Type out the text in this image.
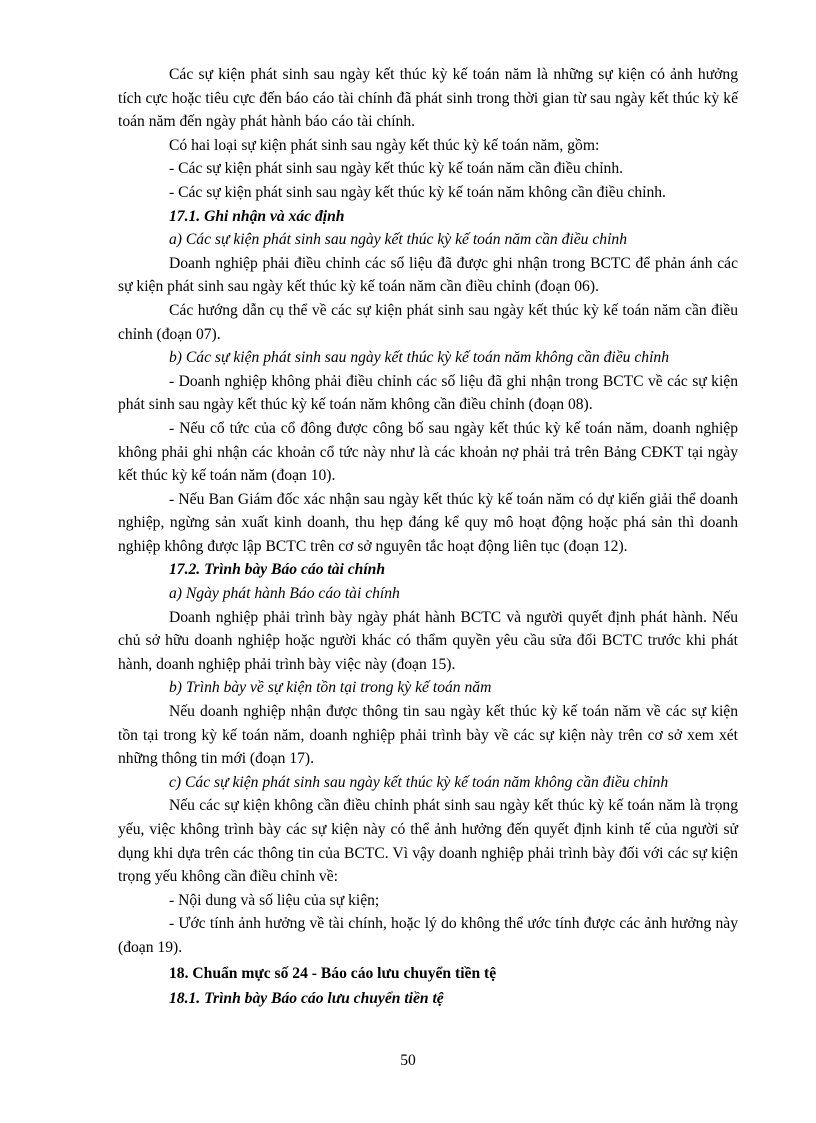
Các sự kiện phát sinh sau ngày kết thúc kỳ kế toán năm là những sự kiện có ảnh hưởng tích cực hoặc tiêu cực đến báo cáo tài chính đã phát sinh trong thời gian từ sau ngày kết thúc kỳ kế toán năm đến ngày phát hành báo cáo tài chính.

Có hai loại sự kiện phát sinh sau ngày kết thúc kỳ kế toán năm, gồm:

- Các sự kiện phát sinh sau ngày kết thúc kỳ kế toán năm cần điều chỉnh.

- Các sự kiện phát sinh sau ngày kết thúc kỳ kế toán năm không cần điều chỉnh.

17.1. Ghi nhận và xác định

a) Các sự kiện phát sinh sau ngày kết thúc kỳ kế toán năm cần điều chỉnh

Doanh nghiệp phải điều chỉnh các số liệu đã được ghi nhận trong BCTC để phản ánh các sự kiện phát sinh sau ngày kết thúc kỳ kế toán năm cần điều chỉnh (đoạn 06).

Các hướng dẫn cụ thể về các sự kiện phát sinh sau ngày kết thúc kỳ kế toán năm cần điều chỉnh (đoạn 07).

b) Các sự kiện phát sinh sau ngày kết thúc kỳ kế toán năm không cần điều chỉnh

- Doanh nghiệp không phải điều chỉnh các số liệu đã ghi nhận trong BCTC về các sự kiện phát sinh sau ngày kết thúc kỳ kế toán năm không cần điều chỉnh (đoạn 08).

- Nếu cổ tức của cổ đông được công bố sau ngày kết thúc kỳ kế toán năm, doanh nghiệp không phải ghi nhận các khoản cổ tức này như là các khoản nợ phải trả trên Bảng CĐKT tại ngày kết thúc kỳ kế toán năm (đoạn 10).

- Nếu Ban Giám đốc xác nhận sau ngày kết thúc kỳ kế toán năm có dự kiến giải thể doanh nghiệp, ngừng sản xuất kinh doanh, thu hẹp đáng kể quy mô hoạt động hoặc phá sản thì doanh nghiệp không được lập BCTC trên cơ sở nguyên tắc hoạt động liên tục (đoạn 12).

17.2. Trình bày Báo cáo tài chính

a) Ngày phát hành Báo cáo tài chính

Doanh nghiệp phải trình bày ngày phát hành BCTC và người quyết định phát hành. Nếu chủ sở hữu doanh nghiệp hoặc người khác có thẩm quyền yêu cầu sửa đổi BCTC trước khi phát hành, doanh nghiệp phải trình bày việc này (đoạn 15).

b) Trình bày về sự kiện tồn tại trong kỳ kế toán năm

Nếu doanh nghiệp nhận được thông tin sau ngày kết thúc kỳ kế toán năm về các sự kiện tồn tại trong kỳ kế toán năm, doanh nghiệp phải trình bày về các sự kiện này trên cơ sở xem xét những thông tin mới (đoạn 17).

c) Các sự kiện phát sinh sau ngày kết thúc kỳ kế toán năm không cần điều chỉnh

Nếu các sự kiện không cần điều chỉnh phát sinh sau ngày kết thúc kỳ kế toán năm là trọng yếu, việc không trình bày các sự kiện này có thể ảnh hưởng đến quyết định kinh tế của người sử dụng khi dựa trên các thông tin của BCTC. Vì vậy doanh nghiệp phải trình bày đối với các sự kiện trọng yếu không cần điều chỉnh về:

- Nội dung và số liệu của sự kiện;

- Ước tính ảnh hưởng về tài chính, hoặc lý do không thể ước tính được các ảnh hưởng này (đoạn 19).

18. Chuẩn mực số 24 - Báo cáo lưu chuyển tiền tệ

18.1. Trình bày Báo cáo lưu chuyển tiền tệ

50
